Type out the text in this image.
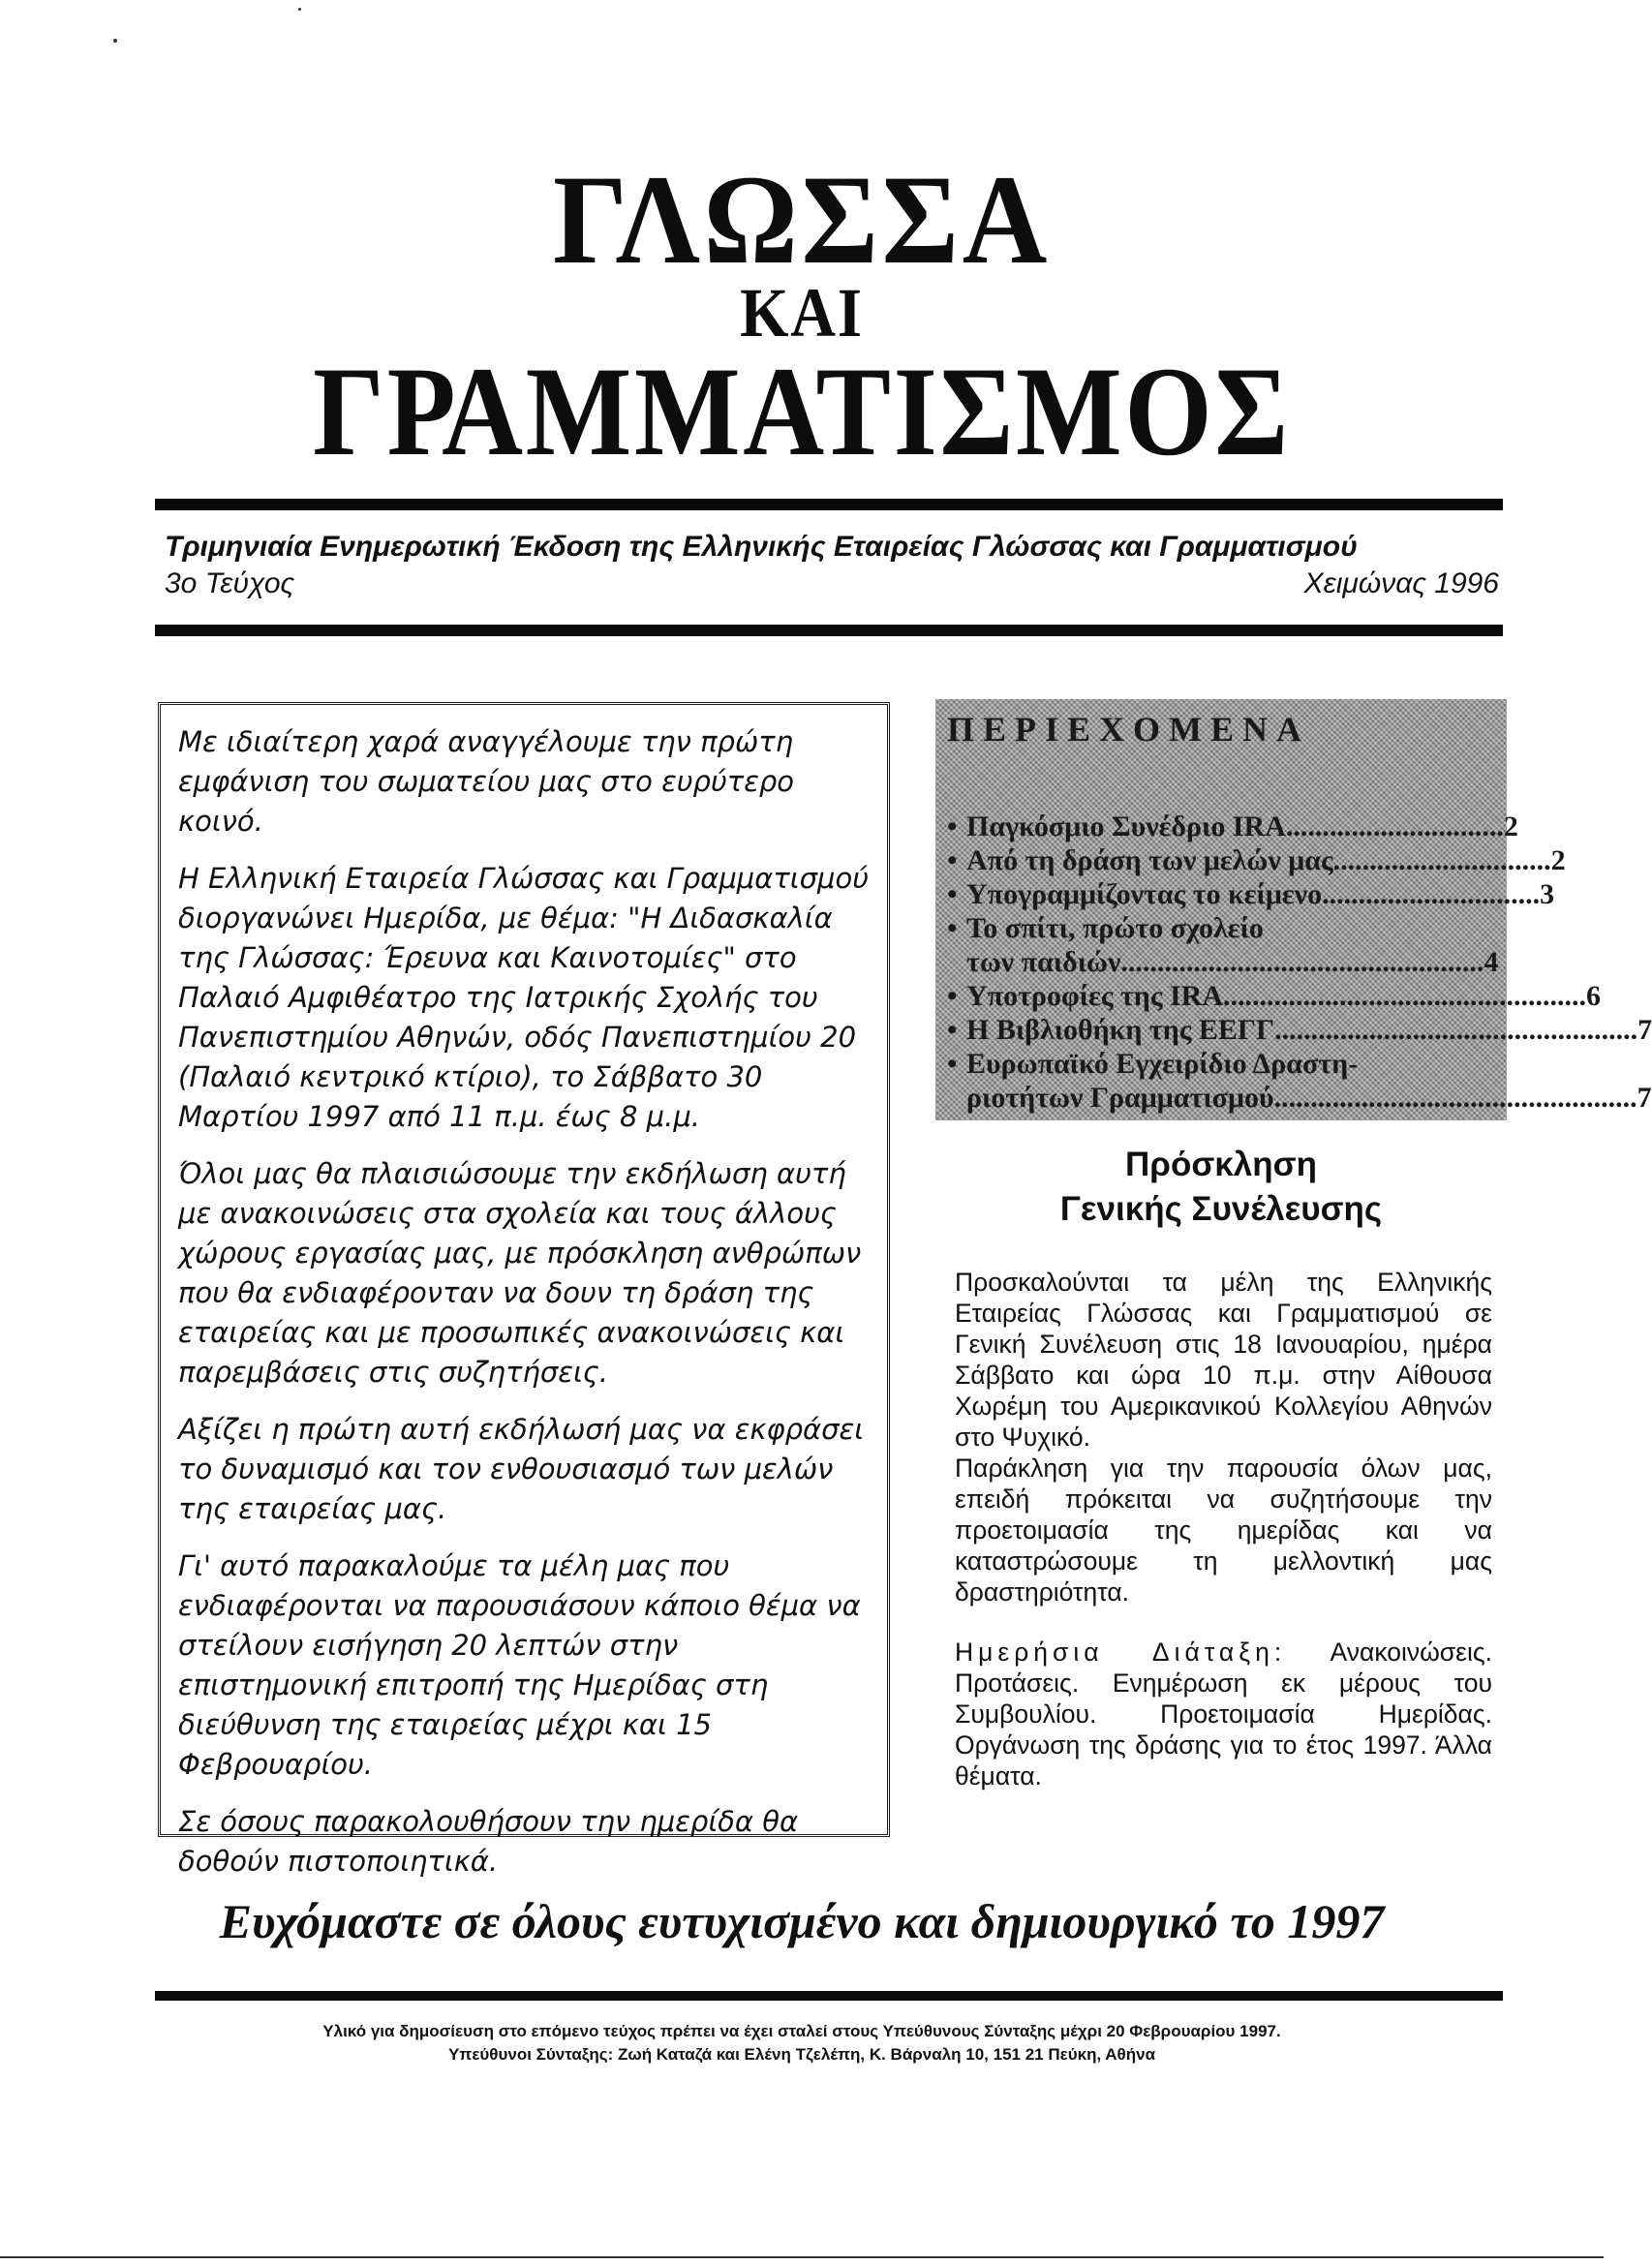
ΓΛΩΣΣΑ
ΚΑΙ
ΓΡΑΜΜΑΤΙΣΜΟΣ
Τριμηνιαία Ενημερωτική Έκδοση της Ελληνικής Εταιρείας Γλώσσας και Γραμματισμού
3ο Τεύχος	Χειμώνας 1996

Με ιδιαίτερη χαρά αναγγέλουμε την πρώτη εμφάνιση του σωματείου μας στο ευρύτερο κοινό.

Η Ελληνική Εταιρεία Γλώσσας και Γραμματισμού διοργανώνει Ημερίδα, με θέμα: "Η Διδασκαλία της Γλώσσας: Έρευνα και Καινοτομίες" στο Παλαιό Αμφιθέατρο της Ιατρικής Σχολής του Πανεπιστημίου Αθηνών, οδός Πανεπιστημίου 20 (Παλαιό κεντρικό κτίριο), το Σάββατο 30 Μαρτίου 1997 από 11 π.μ. έως 8 μ.μ.

Όλοι μας θα πλαισιώσουμε την εκδήλωση αυτή με ανακοινώσεις στα σχολεία και τους άλλους χώρους εργασίας μας, με πρόσκληση ανθρώπων που θα ενδιαφέρονταν να δουν τη δράση της εταιρείας και με προσωπικές ανακοινώσεις και παρεμβάσεις στις συζητήσεις.

Αξίζει η πρώτη αυτή εκδήλωσή μας να εκφράσει το δυναμισμό και τον ενθουσιασμό των μελών της εταιρείας μας.

Γι' αυτό παρακαλούμε τα μέλη μας που ενδιαφέρονται να παρουσιάσουν κάποιο θέμα να στείλουν εισήγηση 20 λεπτών στην επιστημονική επιτροπή της Ημερίδας στη διεύθυνση της εταιρείας μέχρι και 15 Φεβρουαρίου.

Σε όσους παρακολουθήσουν την ημερίδα θα δοθούν πιστοποιητικά.

ΠΕΡΙΕΧΟΜΕΝΑ
• Παγκόσμιο Συνέδριο IRA .............................. 2
• Από τη δράση των μελών μας .............................. 2
• Υπογραμμίζοντας το κείμενο .............................. 3
• Το σπίτι, πρώτο σχολείο
των παιδιών .................................................. 4
• Υποτροφίες της IRA .................................................. 6
• Η Βιβλιοθήκη της ΕΕΓΓ .................................................. 7
• Ευρωπαϊκό Εγχειρίδιο Δραστη-
ριοτήτων Γραμματισμού .................................................. 7
Πρόσκληση
Γενικής Συνέλευσης

Προσκαλούνται τα μέλη της Ελληνικής Εταιρείας Γλώσσας και Γραμματισμού σε Γενική Συνέλευση στις 18 Ιανουαρίου, ημέρα Σάββατο και ώρα 10 π.μ. στην Αίθουσα Χωρέμη του Αμερικανικού Κολλεγίου Αθηνών στο Ψυχικό.

Παράκληση για την παρουσία όλων μας, επειδή πρόκειται να συζητήσουμε την προετοιμασία της ημερίδας και να καταστρώσουμε τη μελλοντική μας δραστηριότητα.

Ημερήσια Διάταξη: Ανακοινώσεις. Προτάσεις. Ενημέρωση εκ μέρους του Συμβουλίου. Προετοιμασία Ημερίδας. Οργάνωση της δράσης για το έτος 1997. Άλλα θέματα.

Ευχόμαστε σε όλους ευτυχισμένο και δημιουργικό το 1997
Υλικό για δημοσίευση στο επόμενο τεύχος πρέπει να έχει σταλεί στους Υπεύθυνους Σύνταξης μέχρι 20 Φεβρουαρίου 1997.
Υπεύθυνοι Σύνταξης: Ζωή Καταζά και Ελένη Τζελέπη, Κ. Βάρναλη 10, 151 21 Πεύκη, Αθήνα
